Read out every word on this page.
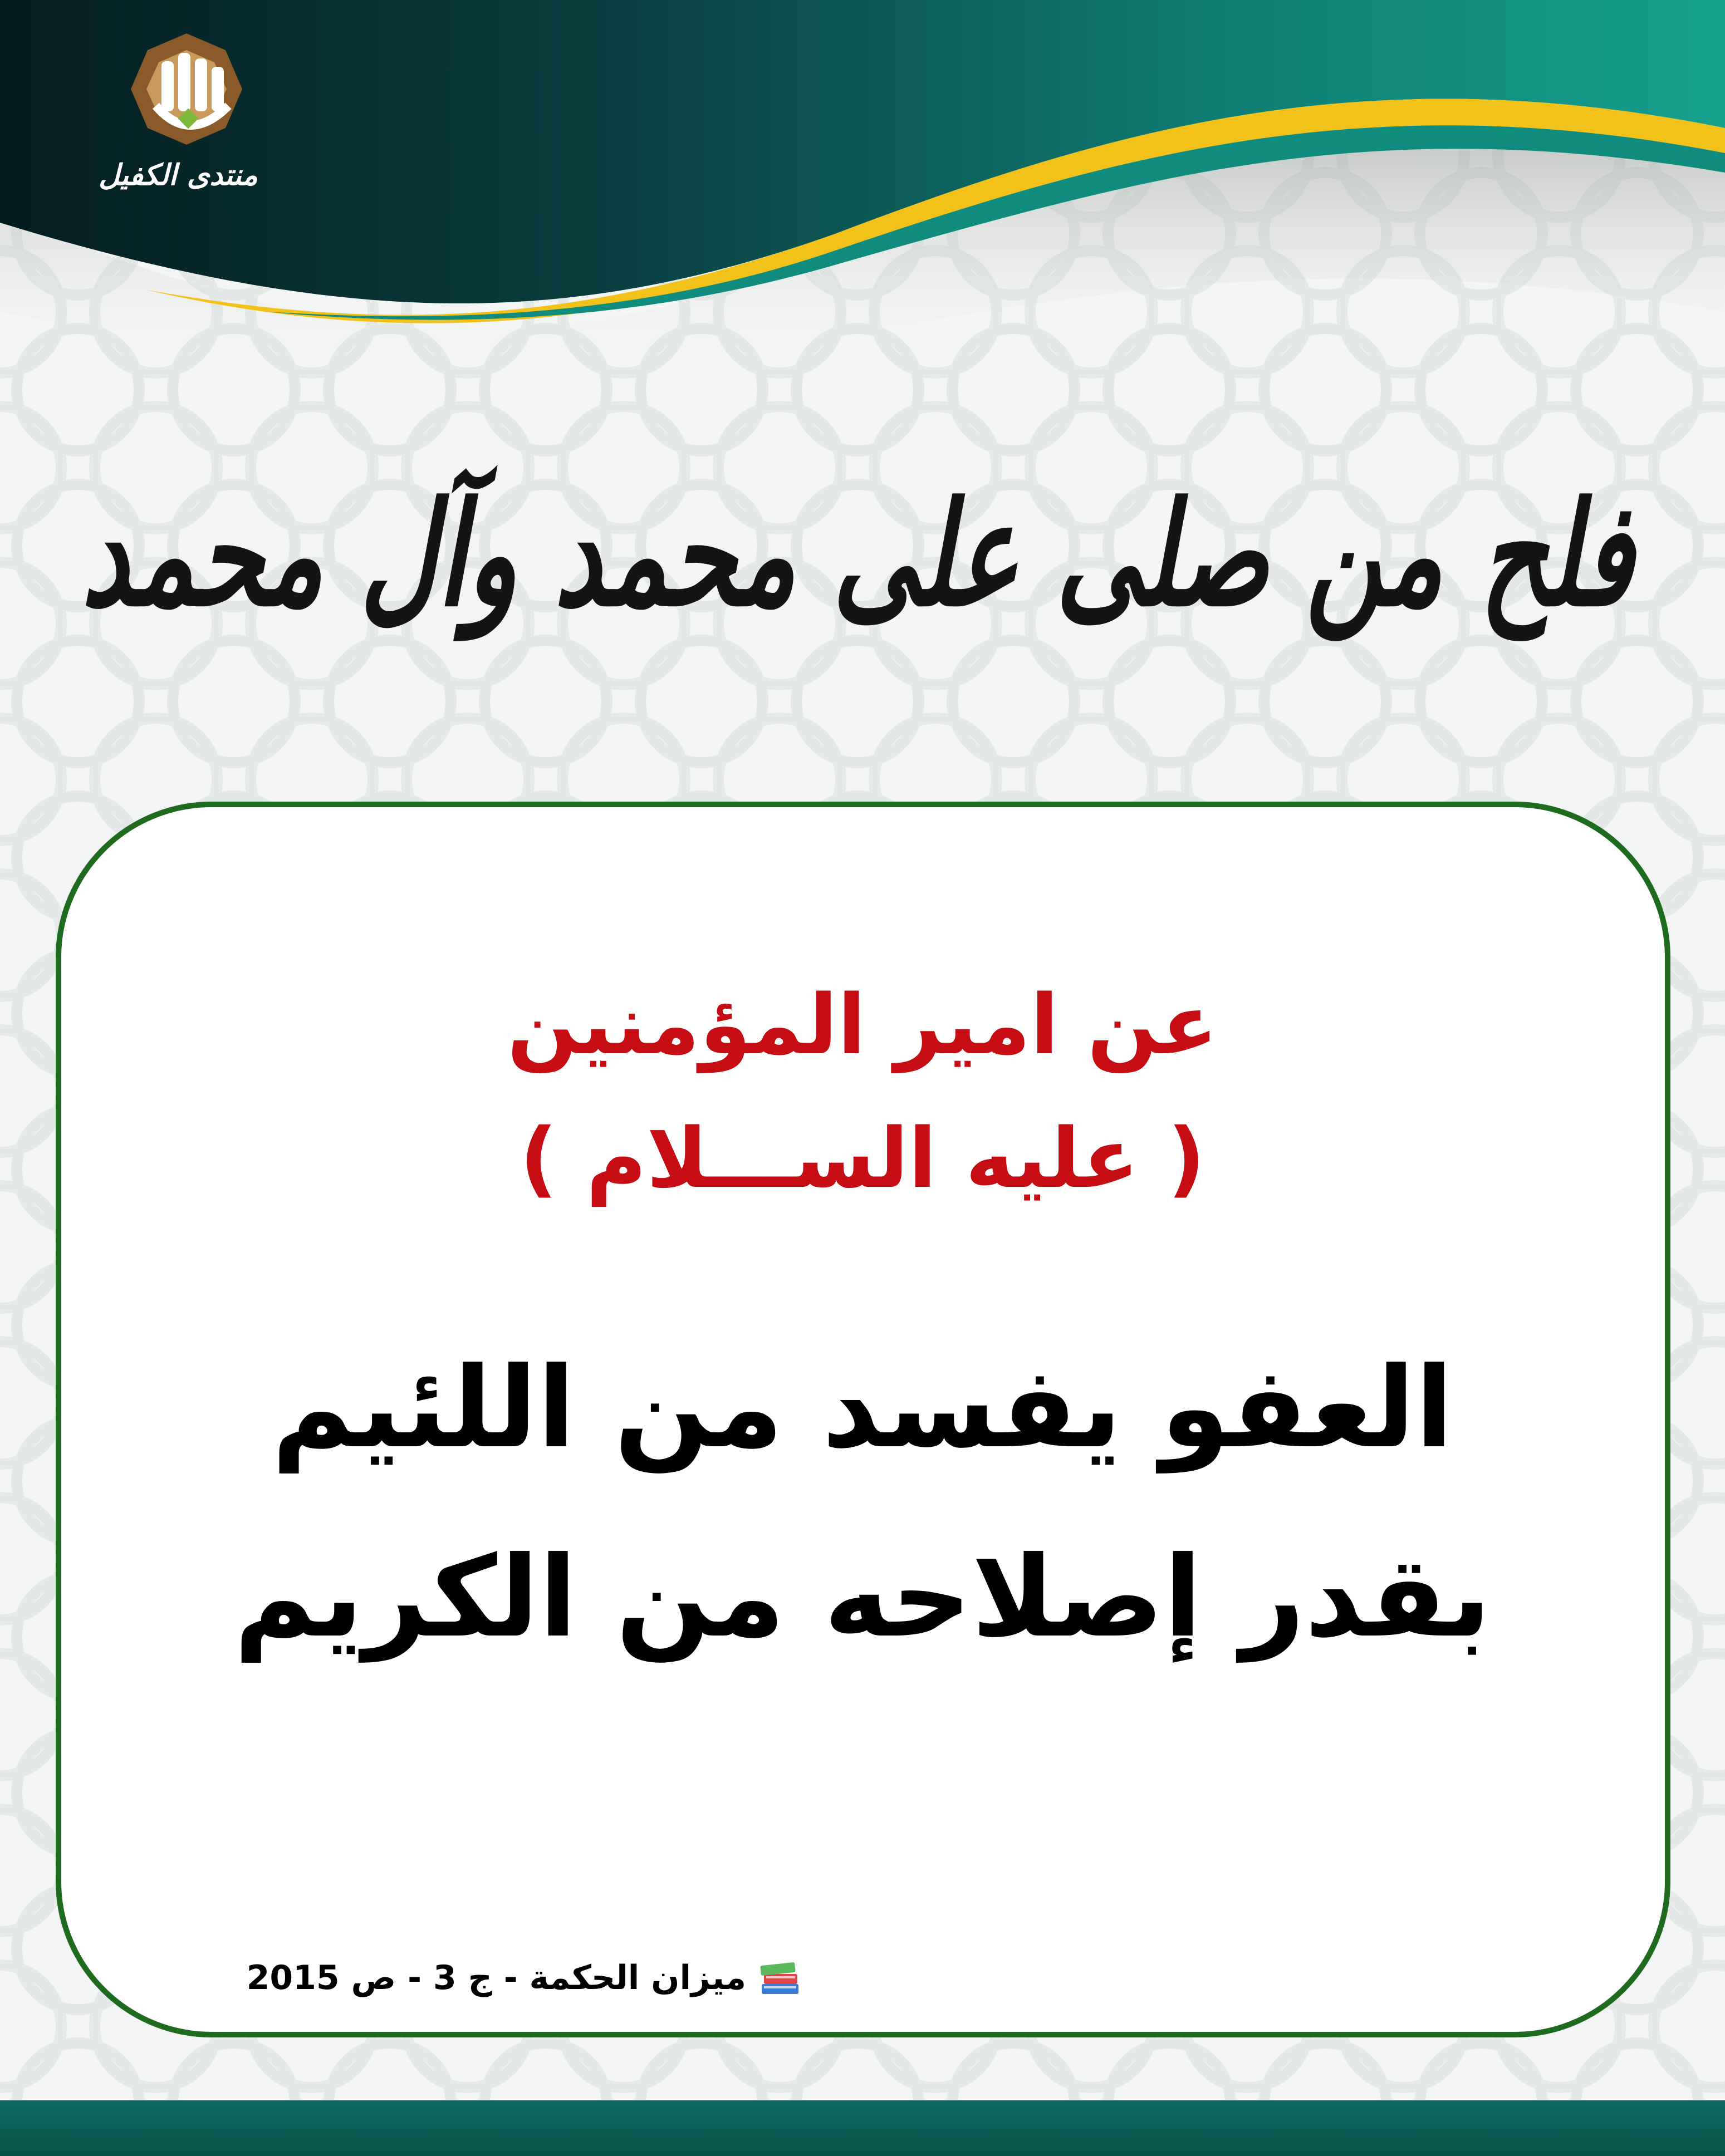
منتدى الكفيل
فلح من صلى على محمد وآل محمد
عن امير المؤمنين
( عليه الســـلام )
العفو يفسد من اللئيم
بقدر إصلاحه من الكريم
ميزان الحكمة - ج 3 - ص 2015
